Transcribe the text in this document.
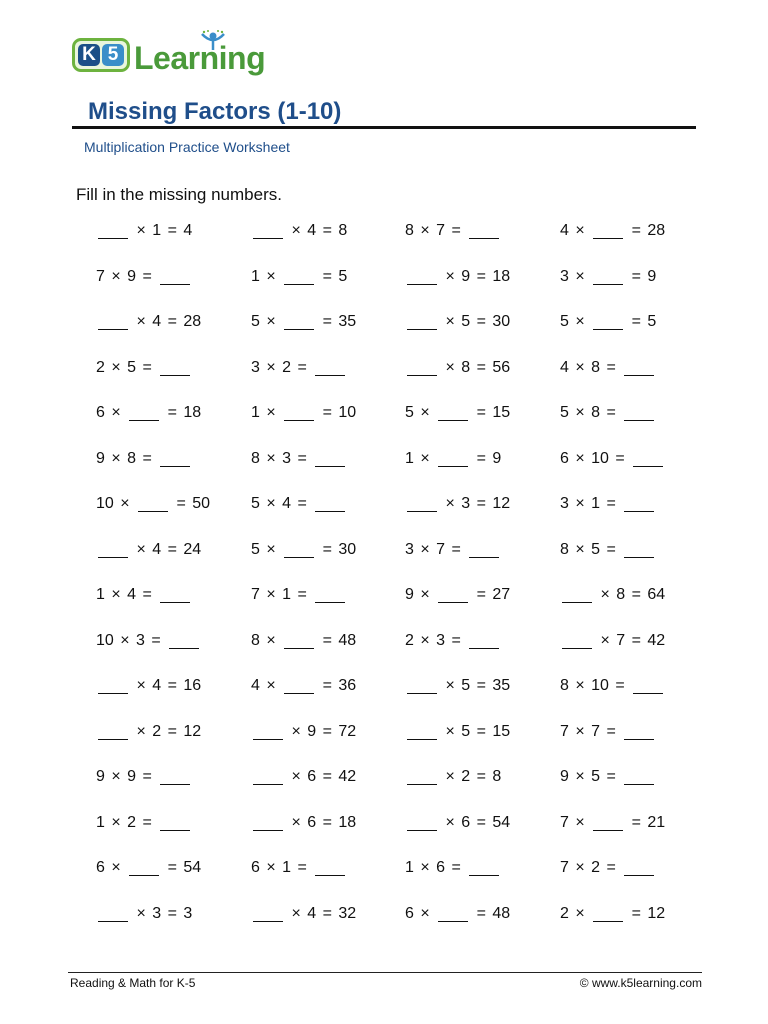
K 5 Learning
Missing Factors (1-10)
Multiplication Practice Worksheet
Fill in the missing numbers.
× 1 = 4	× 4 = 8	8 × 7 =	4 ×  = 28
7 × 9 =	1 ×  = 5	× 9 = 18	3 ×  = 9
× 4 = 28	5 ×  = 35	× 5 = 30	5 ×  = 5
2 × 5 =	3 × 2 =	× 8 = 56	4 × 8 =
6 ×  = 18	1 ×  = 10	5 ×  = 15	5 × 8 =
9 × 8 =	8 × 3 =	1 ×  = 9	6 × 10 =
10 ×  = 50	5 × 4 =	× 3 = 12	3 × 1 =
× 4 = 24	5 ×  = 30	3 × 7 =	8 × 5 =
1 × 4 =	7 × 1 =	9 ×  = 27	× 8 = 64
10 × 3 =	8 ×  = 48	2 × 3 =	× 7 = 42
× 4 = 16	4 ×  = 36	× 5 = 35	8 × 10 =
× 2 = 12	× 9 = 72	× 5 = 15	7 × 7 =
9 × 9 =	× 6 = 42	× 2 = 8	9 × 5 =
1 × 2 =	× 6 = 18	× 6 = 54	7 ×  = 21
6 ×  = 54	6 × 1 =	1 × 6 =	7 × 2 =
× 3 = 3	× 4 = 32	6 ×  = 48	2 ×  = 12
Reading & Math for K-5	© www.k5learning.com
